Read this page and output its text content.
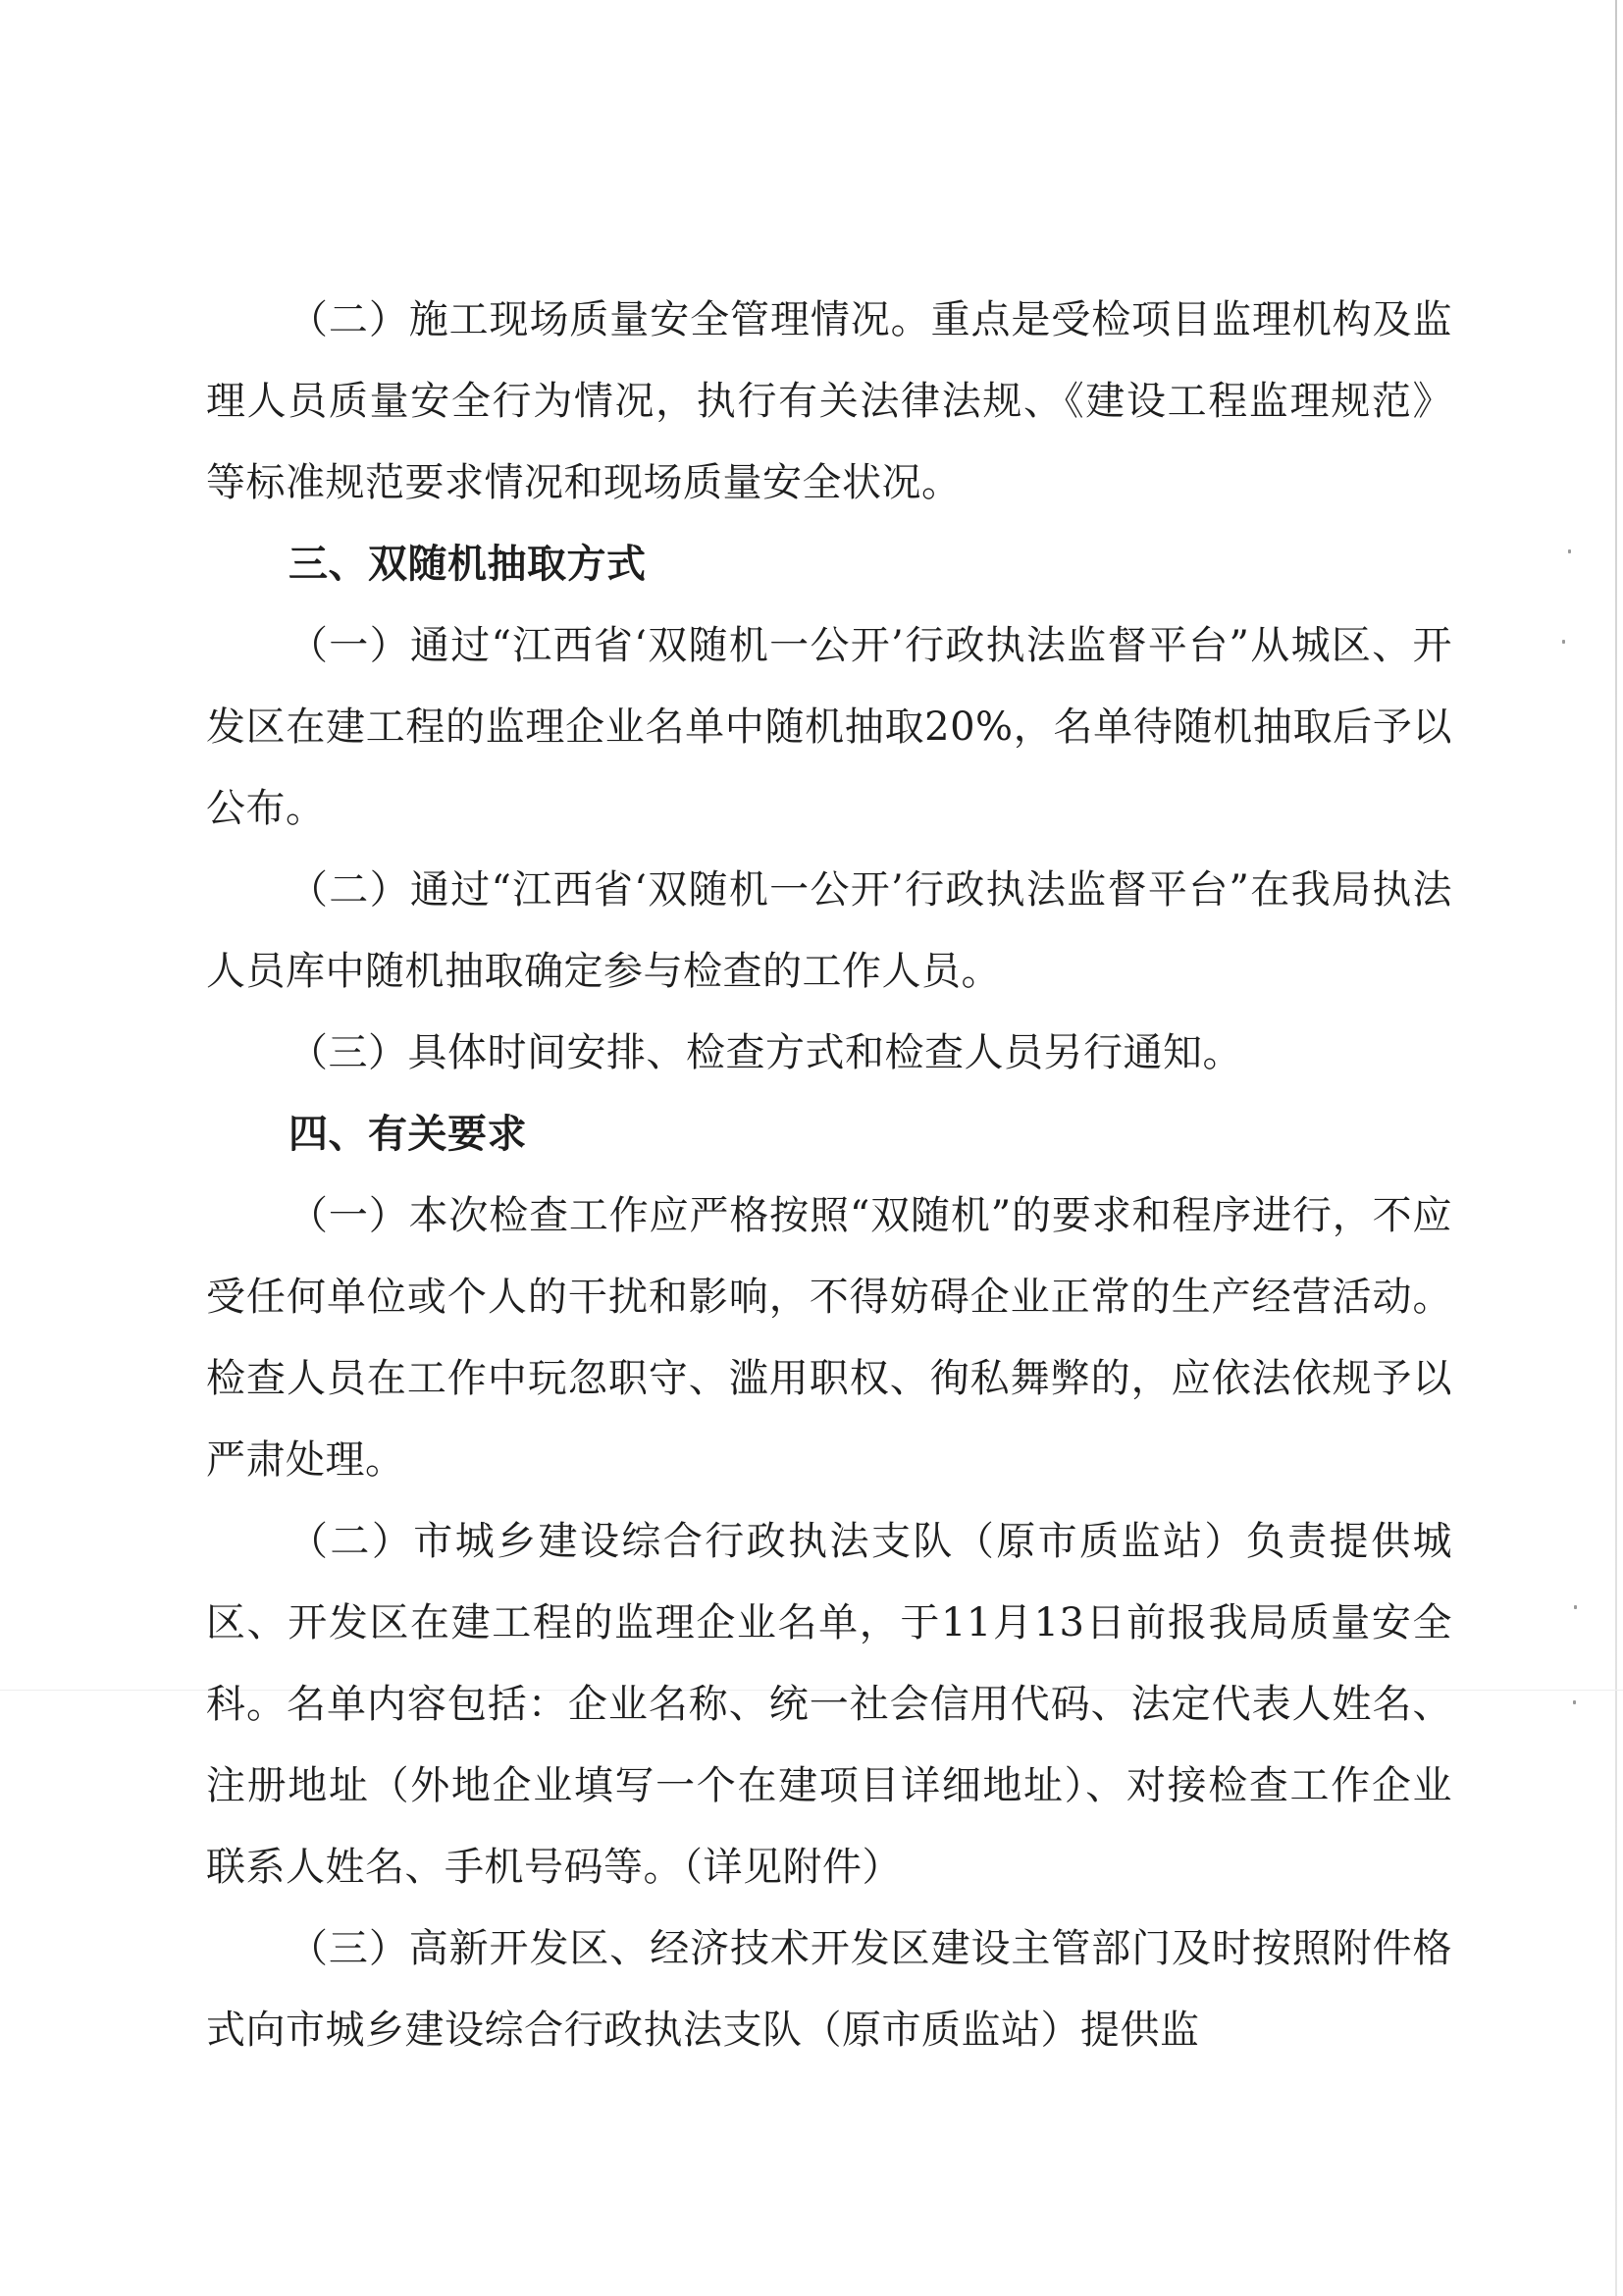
（二）施工现场质量安全管理情况。重点是受检项目监理机构及监理人员质量安全行为情况，执行有关法律法规、《建设工程监理规范》等标准规范要求情况和现场质量安全状况。

三、双随机抽取方式

（一）通过“江西省‘双随机一公开’行政执法监督平台”从城区、开发区在建工程的监理企业名单中随机抽取20%，名单待随机抽取后予以公布。

（二）通过“江西省‘双随机一公开’行政执法监督平台”在我局执法人员库中随机抽取确定参与检查的工作人员。

（三）具体时间安排、检查方式和检查人员另行通知。

四、有关要求

（一）本次检查工作应严格按照“双随机”的要求和程序进行，不应受任何单位或个人的干扰和影响，不得妨碍企业正常的生产经营活动。检查人员在工作中玩忽职守、滥用职权、徇私舞弊的，应依法依规予以严肃处理。

（二）市城乡建设综合行政执法支队（原市质监站）负责提供城区、开发区在建工程的监理企业名单，于11月13日前报我局质量安全科。名单内容包括：企业名称、统一社会信用代码、法定代表人姓名、注册地址（外地企业填写一个在建项目详细地址）、对接检查工作企业联系人姓名、手机号码等。（详见附件）

（三）高新开发区、经济技术开发区建设主管部门及时按照附件格式向市城乡建设综合行政执法支队（原市质监站）提供监
